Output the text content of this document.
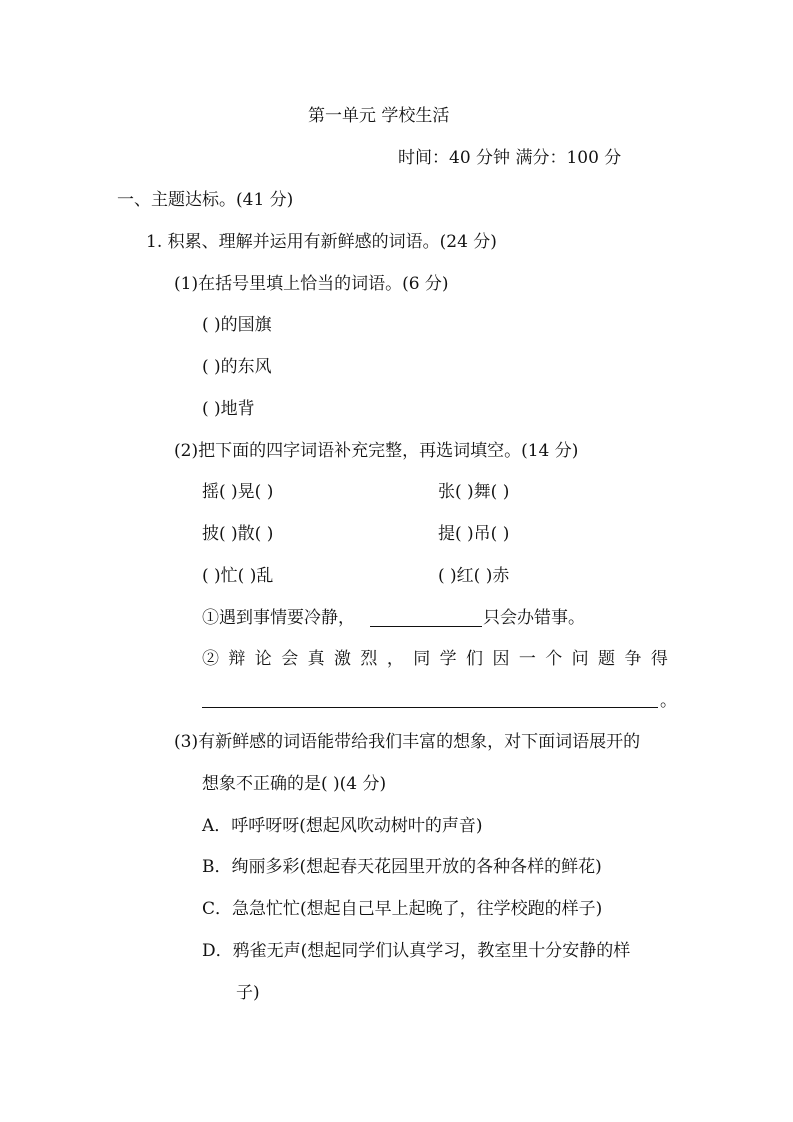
第一单元 学校生活
时间：40 分钟 满分：100 分
一、主题达标。(41 分)
1. 积累、理解并运用有新鲜感的词语。(24 分)
(1)在括号里填上恰当的词语。(6 分)
( )的国旗
( )的东风
( )地背
(2)把下面的四字词语补充完整，再选词填空。(14 分)
摇( )晃( )	张( )舞( )
披( )散( )	提( )吊( )
( )忙( )乱	( )红( )赤
①遇到事情要冷静，	只会办错事。
② 辩 论 会 真 激 烈 ， 同 学 们 因 一 个 问 题 争 得
。
(3)有新鲜感的词语能带给我们丰富的想象，对下面词语展开的
想象不正确的是( )(4 分)
A．呼呼呀呀(想起风吹动树叶的声音)
B．绚丽多彩(想起春天花园里开放的各种各样的鲜花)
C．急急忙忙(想起自己早上起晚了，往学校跑的样子)
D．鸦雀无声(想起同学们认真学习，教室里十分安静的样
子)
